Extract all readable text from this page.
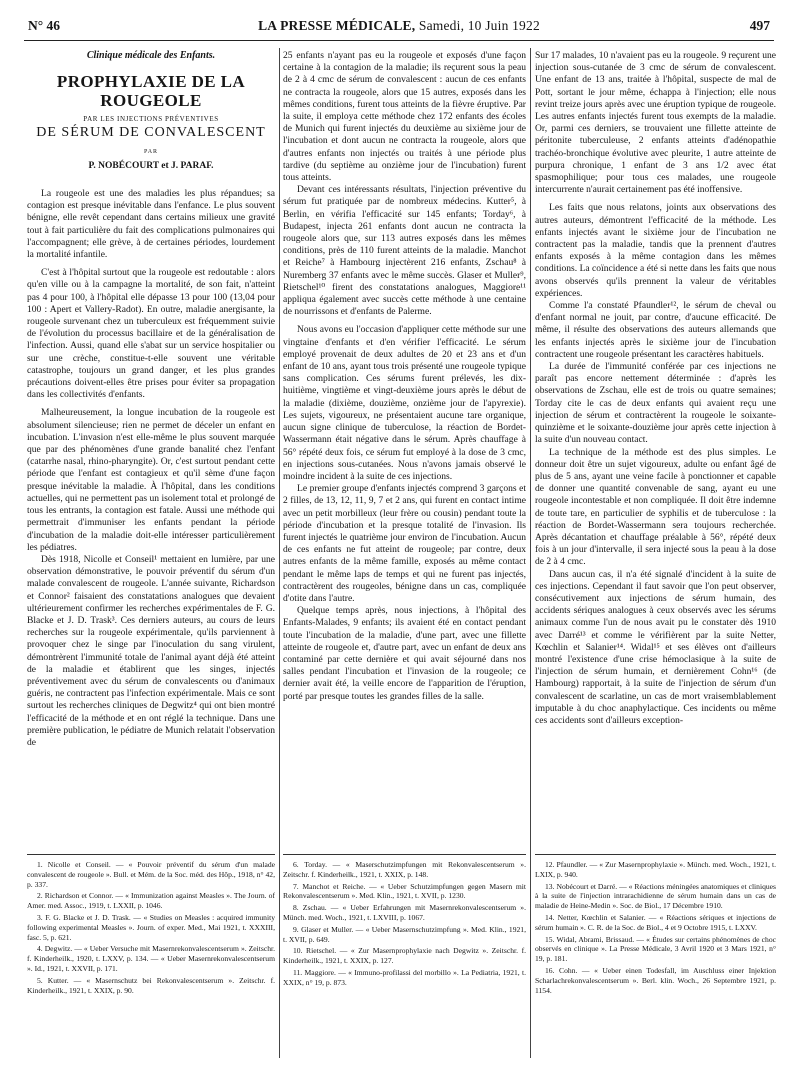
N° 46	LA PRESSE MÉDICALE, Samedi, 10 Juin 1922	497
Clinique médicale des Enfants.
PROPHYLAXIE DE LA ROUGEOLE
PAR LES INJECTIONS PRÉVENTIVES
DE SÉRUM DE CONVALESCENT
PAR
P. NOBÉCOURT et J. PARAF.

La rougeole est une des maladies les plus répandues; sa contagion est presque inévitable dans l'enfance. Le plus souvent bénigne, elle revêt cependant dans certains milieux une gravité tout à fait particulière du fait des complications pulmonaires qui l'accompagnent; elle grève, à de certaines périodes, lourdement la mortalité infantile.

C'est à l'hôpital surtout que la rougeole est redoutable : alors qu'en ville ou à la campagne la mortalité, de son fait, n'atteint pas 4 pour 100, à l'hôpital elle dépasse 13 pour 100 (13,04 pour 100 : Apert et Vallery-Radot). En outre, maladie anergisante, la rougeole survenant chez un tuberculeux est fréquemment suivie de l'évolution du processus bacillaire et de la généralisation de l'infection. Aussi, quand elle s'abat sur un service hospitalier ou sur une crèche, constitue-t-elle souvent une véritable catastrophe, toujours un grand danger, et les plus grandes précautions doivent-elles être prises pour éviter sa propagation dans les collectivités d'enfants.

Malheureusement, la longue incubation de la rougeole est absolument silencieuse; rien ne permet de déceler un enfant en incubation. L'invasion n'est elle-même le plus souvent marquée que par des phénomènes d'une grande banalité chez l'enfant (catarrhe nasal, rhino-pharyngite). Or, c'est surtout pendant cette période que l'enfant est contagieux et qu'il sème d'une façon presque inévitable la maladie. À l'hôpital, dans les conditions actuelles, qui ne permettent pas un isolement total et prolongé de tous les entrants, la contagion est fatale. Aussi une méthode qui permettrait d'immuniser les enfants pendant la période d'incubation de la maladie doit-elle intéresser particulièrement les pédiatres.

Dès 1918, Nicolle et Conseil¹ mettaient en lumière, par une observation démonstrative, le pouvoir préventif du sérum d'un malade convalescent de rougeole. L'année suivante, Richardson et Connor² faisaient des constatations analogues que devaient ultérieurement confirmer les recherches expérimentales de F. G. Blacke et J. D. Trask³. Ces derniers auteurs, au cours de leurs recherches sur la rougeole expérimentale, qu'ils parviennent à provoquer chez le singe par l'inoculation du sang virulent, démontrèrent l'immunité totale de l'animal ayant déjà été atteint de la maladie et établirent que les singes, injectés préventivement avec du sérum de convalescents ou d'animaux guéris, ne contractent pas l'infection expérimentale. Mais ce sont surtout les recherches cliniques de Degwitz⁴ qui ont bien montré l'efficacité de la méthode et en ont réglé la technique. Dans une première publication, le pédiatre de Munich relatait l'observation de

25 enfants n'ayant pas eu la rougeole et exposés d'une façon certaine à la contagion de la maladie; ils reçurent sous la peau de 2 à 4 cmc de sérum de convalescent : aucun de ces enfants ne contracta la rougeole, alors que 15 autres, exposés dans les mêmes conditions, furent tous atteints de la fièvre éruptive. Par la suite, il employa cette méthode chez 172 enfants des écoles de Munich qui furent injectés du deuxième au sixième jour de l'incubation et dont aucun ne contracta la rougeole, alors que d'autres enfants non injectés ou traités à une période plus tardive (du septième au onzième jour de l'incubation) furent tous atteints.

Devant ces intéressants résultats, l'injection préventive du sérum fut pratiquée par de nombreux médecins. Kutter⁵, à Berlin, en vérifia l'efficacité sur 145 enfants; Torday⁶, à Budapest, injecta 261 enfants dont aucun ne contracta la rougeole alors que, sur 113 autres exposés dans les mêmes conditions, près de 110 furent atteints de la maladie. Manchot et Reiche⁷ à Hambourg injectèrent 216 enfants, Zschau⁸ à Nuremberg 37 enfants avec le même succès. Glaser et Muller⁹, Rietschel¹⁰ firent des constatations analogues, Maggiore¹¹ appliqua également avec succès cette méthode à une centaine de nourrissons et d'enfants de Palerme.

Nous avons eu l'occasion d'appliquer cette méthode sur une vingtaine d'enfants et d'en vérifier l'efficacité. Le sérum employé provenait de deux adultes de 20 et 23 ans et d'un enfant de 10 ans, ayant tous trois présenté une rougeole typique sans complication. Ces sérums furent prélevés, les dix-huitième, vingtième et vingt-deuxième jours après le début de la maladie (dixième, douzième, onzième jour de l'apyrexie). Les sujets, vigoureux, ne présentaient aucune tare organique, aucun signe clinique de tuberculose, la réaction de Bordet-Wassermann était négative dans le sérum. Après chauffage à 56° répété deux fois, ce sérum fut employé à la dose de 3 cmc, en injections sous-cutanées. Nous n'avons jamais observé le moindre incident à la suite de ces injections.

Le premier groupe d'enfants injectés comprend 3 garçons et 2 filles, de 13, 12, 11, 9, 7 et 2 ans, qui furent en contact intime avec un petit morbilleux (leur frère ou cousin) pendant toute la période d'incubation et la presque totalité de l'invasion. Ils furent injectés le quatrième jour environ de l'incubation. Aucun de ces enfants ne fut atteint de rougeole; par contre, deux autres enfants de la même famille, exposés au même contact pendant le même laps de temps et qui ne furent pas injectés, contractèrent des rougeoles, bénigne dans un cas, compliquée d'otite dans l'autre.

Quelque temps après, nous injections, à l'hôpital des Enfants-Malades, 9 enfants; ils avaient été en contact pendant toute l'incubation de la maladie, d'une part, avec une fillette atteinte de rougeole et, d'autre part, avec un enfant de deux ans contaminé par cette dernière et qui avait séjourné dans nos salles pendant l'incubation et l'invasion de la rougeole; ce dernier avait été, la veille encore de l'apparition de l'éruption, porté par presque toutes les grandes filles de la salle.

Sur 17 malades, 10 n'avaient pas eu la rougeole. 9 reçurent une injection sous-cutanée de 3 cmc de sérum de convalescent. Une enfant de 13 ans, traitée à l'hôpital, suspecte de mal de Pott, sortant le jour même, échappa à l'injection; elle nous revint treize jours après avec une éruption typique de rougeole. Les autres enfants injectés furent tous exempts de la maladie. Or, parmi ces derniers, se trouvaient une fillette atteinte de péritonite tuberculeuse, 2 enfants atteints d'adénopathie trachéo-bronchique évolutive avec pleurite, 1 autre atteinte de purpura chronique, 1 enfant de 3 ans 1/2 avec état spasmophilique; pour tous ces malades, une rougeole intercurrente n'aurait certainement pas été inoffensive.

Les faits que nous relatons, joints aux observations des autres auteurs, démontrent l'efficacité de la méthode. Les enfants injectés avant le sixième jour de l'incubation ne contractent pas la maladie, tandis que la prennent d'autres enfants exposés à la même contagion dans les mêmes conditions. La coïncidence a été si nette dans les faits que nous avons observés qu'ils prennent la valeur de véritables expériences.

Comme l'a constaté Pfaundler¹², le sérum de cheval ou d'enfant normal ne jouit, par contre, d'aucune efficacité. De même, il résulte des observations des auteurs allemands que les enfants injectés après le sixième jour de l'incubation contractent une rougeole présentant les caractères habituels.

La durée de l'immunité conférée par ces injections ne paraît pas encore nettement déterminée : d'après les observations de Zschau, elle est de trois ou quatre semaines; Torday cite le cas de deux enfants qui avaient reçu une injection de sérum et contractèrent la rougeole le soixante-quinzième et le soixante-douzième jour après cette injection à la suite d'un nouveau contact.

La technique de la méthode est des plus simples. Le donneur doit être un sujet vigoureux, adulte ou enfant âgé de plus de 5 ans, ayant une veine facile à ponctionner et capable de donner une quantité convenable de sang, ayant eu une rougeole incontestable et non compliquée. Il doit être indemne de toute tare, en particulier de syphilis et de tuberculose : la réaction de Bordet-Wassermann sera toujours recherchée. Après décantation et chauffage préalable à 56°, répété deux fois à un jour d'intervalle, il sera injecté sous la peau à la dose de 2 à 4 cmc.

Dans aucun cas, il n'a été signalé d'incident à la suite de ces injections. Cependant il faut savoir que l'on peut observer, consécutivement aux injections de sérum humain, des accidents sériques analogues à ceux observés avec les sérums animaux comme l'un de nous avait pu le constater dès 1910 avec Darré¹³ et comme le vérifièrent par la suite Netter, Kœchlin et Salanier¹⁴. Widal¹⁵ et ses élèves ont d'ailleurs montré l'existence d'une crise hémoclasique à la suite de l'injection de sérum humain, et dernièrement Cohn¹⁶ (de Hambourg) rapportait, à la suite de l'injection de sérum d'un convalescent de scarlatine, un cas de mort vraisemblablement imputable à du choc anaphylactique. Ces incidents ou même ces accidents sont d'ailleurs exception-

1. Nicolle et Conseil. — « Pouvoir préventif du sérum d'un malade convalescent de rougeole ». Bull. et Mém. de la Soc. méd. des Hôp., 1918, n° 42, p. 337.

2. Richardson et Connor. — « Immunization against Measles ». The Journ. of Amer. med. Assoc., 1919, t. LXXII, p. 1046.

3. F. G. Blacke et J. D. Trask. — « Studies on Measles : acquired immunity following experimental Measles ». Journ. of exper. Med., Mai 1921, t. XXXIII, fasc. 5, p. 621.

4. Degwitz. — « Ueber Versuche mit Masernrekonvalescentserum ». Zeitschr. f. Kinderheilk., 1920, t. LXXV, p. 134. — « Ueber Masernrekonvalescentserum ». Id., 1921, t. XXVII, p. 171.

5. Kutter. — « Masernschutz bei Rekonvalescentserum ». Zeitschr. f. Kinderheilk., 1921, t. XXIX, p. 90.

6. Torday. — « Maserschutzimpfungen mit Rekonvalescentserum ». Zeitschr. f. Kinderheilk., 1921, t. XXIX, p. 148.

7. Manchot et Reiche. — « Ueber Schutzimpfungen gegen Masern mit Rekonvalescentserum ». Med. Klin., 1921, t. XVII, p. 1230.

8. Zschau. — « Ueber Erfahrungen mit Masernrekonvalescentserum ». Münch. med. Woch., 1921, t. LXVIII, p. 1067.

9. Glaser et Muller. — « Ueber Masernschutzimpfung ». Med. Klin., 1921, t. XVII, p. 649.

10. Rietschel. — « Zur Masernprophylaxie nach Degwitz ». Zeitschr. f. Kinderheilk., 1921, t. XXIX, p. 127.

11. Maggiore. — « Immuno-profilassi del morbillo ». La Pediatria, 1921, t. XXIX, n° 19, p. 873.

12. Pfaundler. — « Zur Masernprophylaxie ». Münch. med. Woch., 1921, t. LXIX, p. 940.

13. Nobécourt et Darré. — « Réactions méningées anatomiques et cliniques à la suite de l'injection intrarachidienne de sérum humain dans un cas de maladie de Heine-Medin ». Soc. de Biol., 17 Décembre 1910.

14. Netter, Kœchlin et Salanier. — « Réactions sériques et injections de sérum humain ». C. R. de la Soc. de Biol., 4 et 9 Octobre 1915, t. LXXV.

15. Widal, Abrami, Brissaud. — « Études sur certains phénomènes de choc observés en clinique ». La Presse Médicale, 3 Avril 1920 et 3 Mars 1921, n° 19, p. 181.

16. Cohn. — « Ueber einen Todesfall, im Auschluss einer Injektion Scharlachrekonvalescentserum ». Berl. klin. Woch., 26 Septembre 1921, p. 1154.
